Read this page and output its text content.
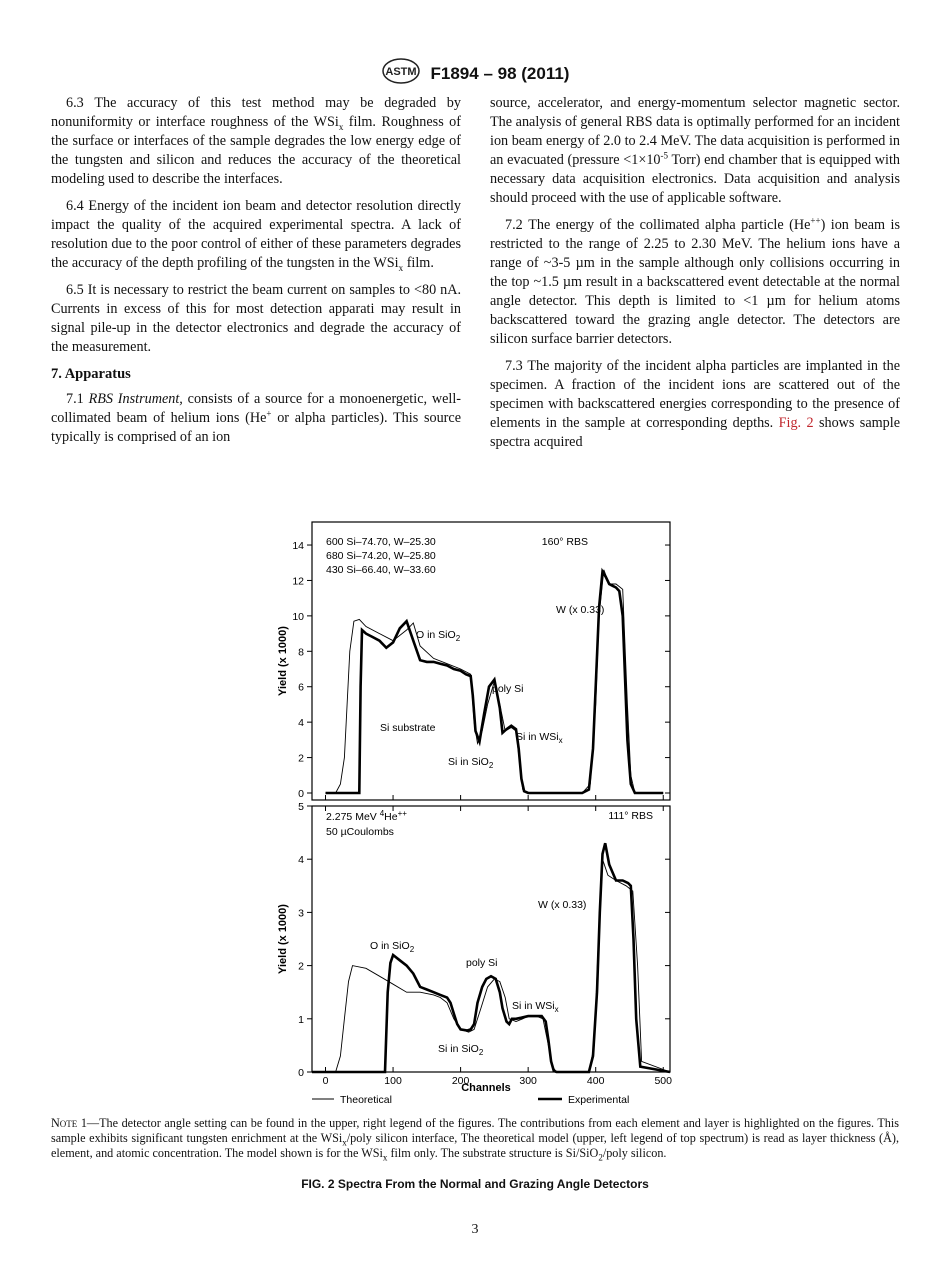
ASTM F1894 – 98 (2011)

6.3 The accuracy of this test method may be degraded by nonuniformity or interface roughness of the WSi$_x$ film. Roughness of the surface or interfaces of the sample degrades the low energy edge of the tungsten and silicon and reduces the accuracy of the theoretical modeling used to describe the interfaces.

6.4 Energy of the incident ion beam and detector resolution directly impact the quality of the acquired experimental spectra. A lack of resolution due to the poor control of either of these parameters degrades the accuracy of the depth profiling of the tungsten in the WSi$_x$ film.

6.5 It is necessary to restrict the beam current on samples to <80 nA. Currents in excess of this for most detection apparati may result in signal pile-up in the detector electronics and degrade the accuracy of the measurement.

7. Apparatus

7.1 RBS Instrument, consists of a source for a monoenergetic, well-collimated beam of helium ions (He+ or alpha particles). This source typically is comprised of an ion

source, accelerator, and energy-momentum selector magnetic sector. The analysis of general RBS data is optimally performed for an incident ion beam energy of 2.0 to 2.4 MeV. The data acquisition is performed in an evacuated (pressure $<1\times 10^{-5}$ Torr) end chamber that is equipped with necessary data acquisition electronics. Data acquisition and analysis should proceed with the use of applicable software.

7.2 The energy of the collimated alpha particle (He++) ion beam is restricted to the range of 2.25 to 2.30 MeV. The helium ions have a range of ~3-5 µm in the sample although only collisions occurring in the top ~1.5 µm result in a backscattered event detectable at the normal angle detector. This depth is limited to <1 µm for helium atoms backscattered toward the grazing angle detector. The detectors are silicon surface barrier detectors.

7.3 The majority of the incident alpha particles are implanted in the specimen. A fraction of the incident ions are scattered out of the specimen with backscattered energies corresponding to the presence of elements in the sample at corresponding depths. Fig. 2 shows sample spectra acquired

0
2
4
6
8
10
12
14
0
1
2
3
4
5
0	100	200	300	400	500
Yield (x 1000)
Yield (x 1000)
160° RBS
600 Si–74.70, W–25.30
680 Si–74.20, W–25.80
430 Si–66.40, W–33.60
O in SiO$_2$
poly Si
Si substrate
Si in WSi$_x$
Si in SiO$_2$
W (x 0.33)
111° RBS
2.275 MeV $^4$He++
50 µCoulombs
O in SiO$_2$
poly Si
Si in WSi$_x$
Si in SiO$_2$
W (x 0.33)
Channels
Theoretical	Experimental
Note 1—The detector angle setting can be found in the upper, right legend of the figures. The contributions from each element and layer is highlighted on the figures. This sample exhibits significant tungsten enrichment at the WSi$_x$/poly silicon interface, The theoretical model (upper, left legend of top spectrum) is read as layer thickness (Å), element, and atomic concentration. The model shown is for the WSi$_x$ film only. The substrate structure is Si/SiO$_2$/poly silicon.
FIG. 2 Spectra From the Normal and Grazing Angle Detectors
3
